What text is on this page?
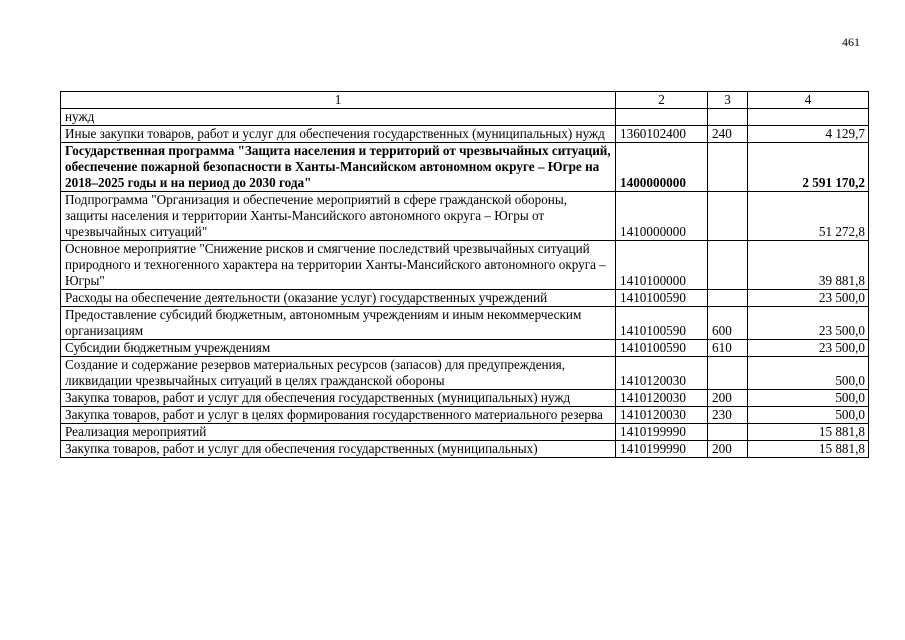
461
1	2	3	4
нужд			
Иные закупки товаров, работ и услуг для обеспечения государственных (муниципальных) нужд	1360102400	240	4 129,7
Государственная программа "Защита населения и территорий от чрезвычайных ситуаций, обеспечение пожарной безопасности в Ханты-Мансийском автономном округе – Югре на 2018–2025 годы и на период до 2030 года"	1400000000		2 591 170,2
Подпрограмма "Организация и обеспечение мероприятий в сфере гражданской обороны, защиты населения и территории Ханты-Мансийского автономного округа – Югры от чрезвычайных ситуаций"	1410000000		51 272,8
Основное мероприятие "Снижение рисков и смягчение последствий чрезвычайных ситуаций природного и техногенного характера на территории Ханты-Мансийского автономного округа – Югры"	1410100000		39 881,8
Расходы на обеспечение деятельности (оказание услуг) государственных учреждений	1410100590		23 500,0
Предоставление субсидий бюджетным, автономным учреждениям и иным некоммерческим организациям	1410100590	600	23 500,0
Субсидии бюджетным учреждениям	1410100590	610	23 500,0
Создание и содержание резервов материальных ресурсов (запасов) для предупреждения, ликвидации чрезвычайных ситуаций в целях гражданской обороны	1410120030		500,0
Закупка товаров, работ и услуг для обеспечения государственных (муниципальных) нужд	1410120030	200	500,0
Закупка товаров, работ и услуг в целях формирования государственного материального резерва	1410120030	230	500,0
Реализация мероприятий	1410199990		15 881,8
Закупка товаров, работ и услуг для обеспечения государственных (муниципальных)	1410199990	200	15 881,8
